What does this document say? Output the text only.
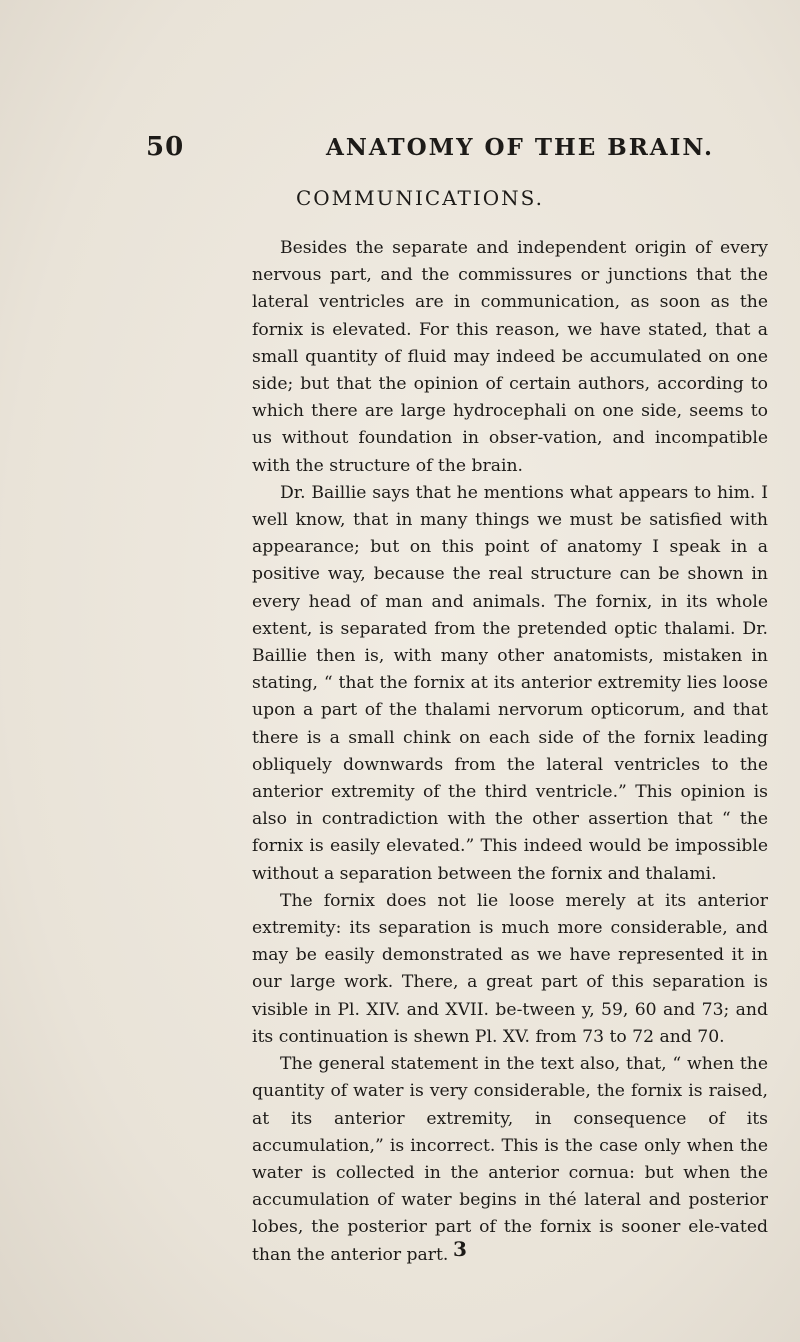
50	ANATOMY OF THE BRAIN.
COMMUNICATIONS.

Besides the separate and independent origin of every nervous part, and the commissures or junctions that the lateral ventricles are in communication, as soon as the fornix is elevated. For this reason, we have stated, that a small quantity of fluid may indeed be accumulated on one side; but that the opinion of certain authors, according to which there are large hydrocephali on one side, seems to us without foundation in obser-vation, and incompatible with the structure of the brain.

Dr. Baillie says that he mentions what appears to him. I well know, that in many things we must be satisfied with appearance; but on this point of anatomy I speak in a positive way, because the real structure can be shown in every head of man and animals. The fornix, in its whole extent, is separated from the pretended optic thalami. Dr. Baillie then is, with many other anatomists, mistaken in stating, “ that the fornix at its anterior extremity lies loose upon a part of the thalami nervorum opticorum, and that there is a small chink on each side of the fornix leading obliquely downwards from the lateral ventricles to the anterior extremity of the third ventricle.” This opinion is also in contradiction with the other assertion that “ the fornix is easily elevated.” This indeed would be impossible without a separation between the fornix and thalami.

The fornix does not lie loose merely at its anterior extremity: its separation is much more considerable, and may be easily demonstrated as we have represented it in our large work. There, a great part of this separation is visible in Pl. XIV. and XVII. be-tween y, 59, 60 and 73; and its continuation is shewn Pl. XV. from 73 to 72 and 70.

The general statement in the text also, that, “ when the quantity of water is very considerable, the fornix is raised, at its anterior extremity, in consequence of its accumulation,” is incorrect. This is the case only when the water is collected in the anterior cornua: but when the accumulation of water begins in thé lateral and posterior lobes, the posterior part of the fornix is sooner ele-vated than the anterior part. 3
